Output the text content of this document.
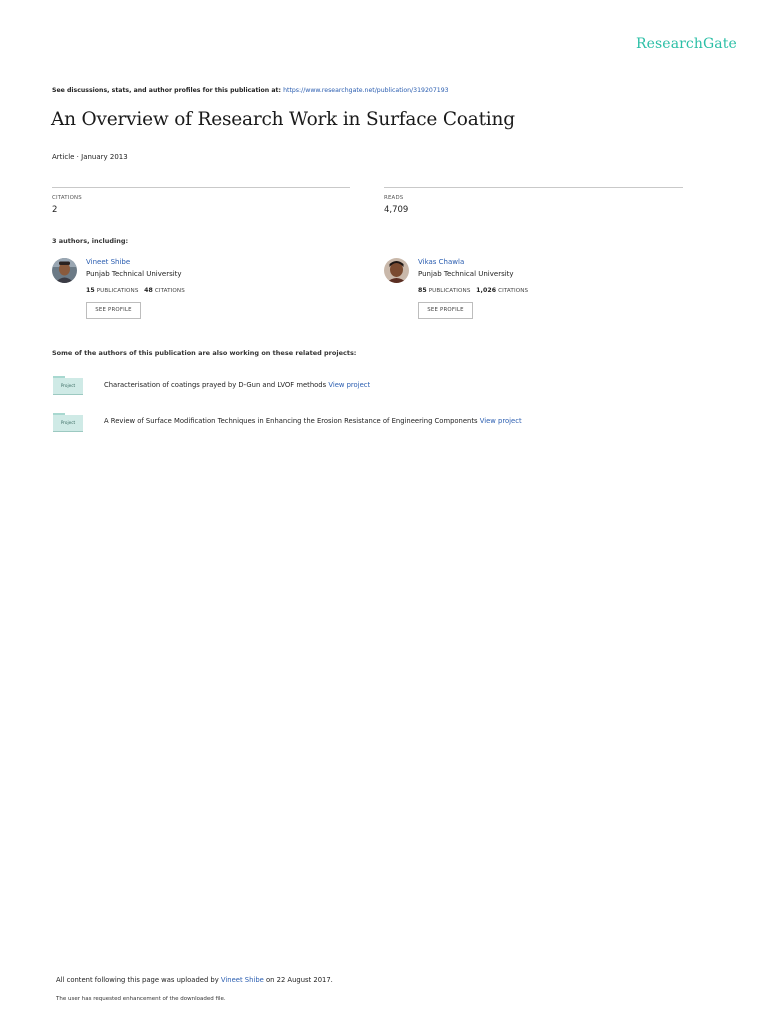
ResearchGate
See discussions, stats, and author profiles for this publication at: https://www.researchgate.net/publication/319207193
An Overview of Research Work in Surface Coating
Article · January 2013
CITATIONS
2
READS
4,709
3 authors, including:
Vineet Shibe
Punjab Technical University
15 PUBLICATIONS 48 CITATIONS
SEE PROFILE
Vikas Chawla
Punjab Technical University
85 PUBLICATIONS 1,026 CITATIONS
SEE PROFILE
Some of the authors of this publication are also working on these related projects:
Project	Characterisation of coatings prayed by D-Gun and LVOF methods View project
Project	A Review of Surface Modification Techniques in Enhancing the Erosion Resistance of Engineering Components View project
All content following this page was uploaded by Vineet Shibe on 22 August 2017.
The user has requested enhancement of the downloaded file.
